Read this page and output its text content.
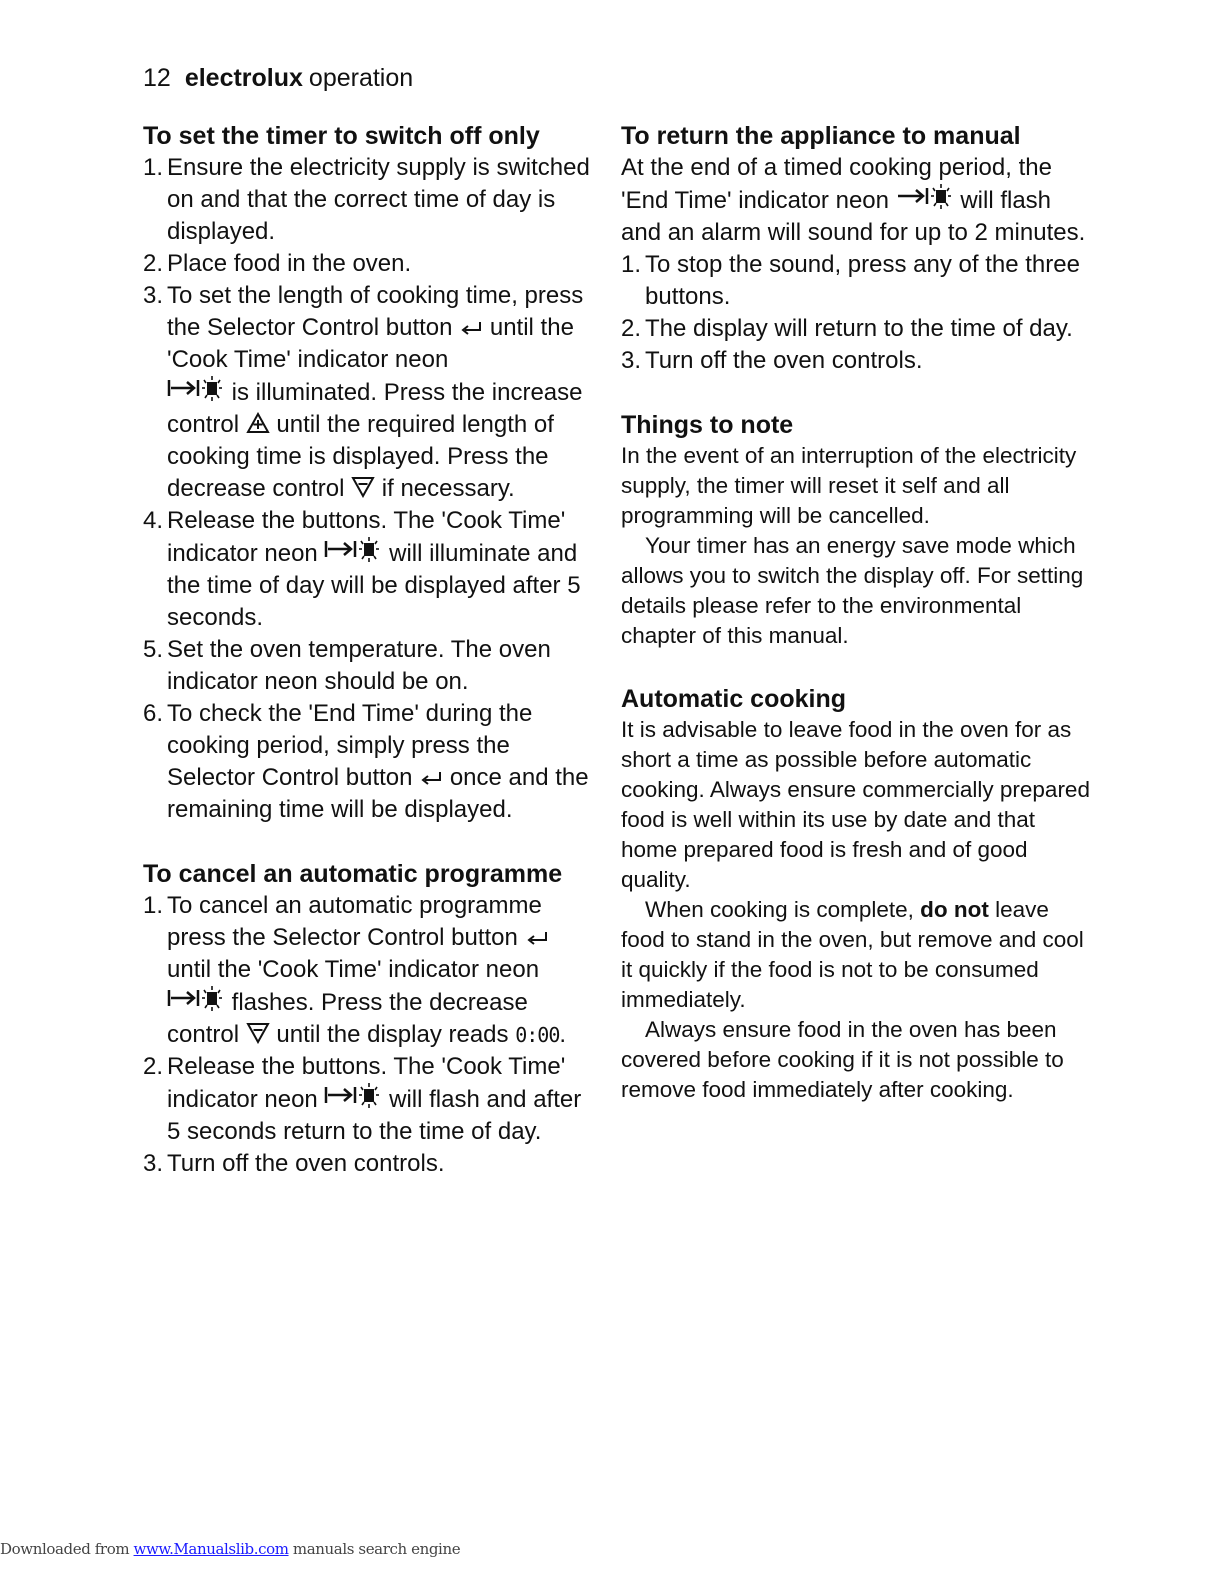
12 electrolux operation
To set the timer to switch off only
1. Ensure the electricity supply is switched on and that the correct time of day is displayed.
2. Place food in the oven.
3. To set the length of cooking time, press the Selector Control button until the 'Cook Time' indicator neon

is illuminated. Press the increase control until the required length of cooking time is displayed. Press the decrease control if necessary.
4. Release the buttons. The 'Cook Time' indicator neon	will illuminate and the time of day will be displayed after 5 seconds.
5. Set the oven temperature. The oven indicator neon should be on.
6. To check the 'End Time' during the cooking period, simply press the Selector Control button once and the remaining time will be displayed.
To cancel an automatic programme
1. To cancel an automatic programme press the Selector Control button
until the 'Cook Time' indicator neon

flashes. Press the decrease control until the display reads 0:00.
2. Release the buttons. The 'Cook Time' indicator neon	will flash and after 5 seconds return to the time of day.
3. Turn off the oven controls.
To return the appliance to manual

At the end of a timed cooking period, the 'End Time' indicator neon	will flash and an alarm will sound for up to 2 minutes.

1. To stop the sound, press any of the three buttons.
2. The display will return to the time of day.
3. Turn off the oven controls.
Things to note

In the event of an interruption of the electricity supply, the timer will reset it self and all programming will be cancelled.

Your timer has an energy save mode which allows you to switch the display off. For setting details please refer to the environmental chapter of this manual.

Automatic cooking

It is advisable to leave food in the oven for as short a time as possible before automatic cooking. Always ensure commercially prepared food is well within its use by date and that home prepared food is fresh and of good quality.

When cooking is complete, do not leave food to stand in the oven, but remove and cool it quickly if the food is not to be consumed immediately.

Always ensure food in the oven has been covered before cooking if it is not possible to remove food immediately after cooking.

Downloaded from www.Manualslib.com manuals search engine
